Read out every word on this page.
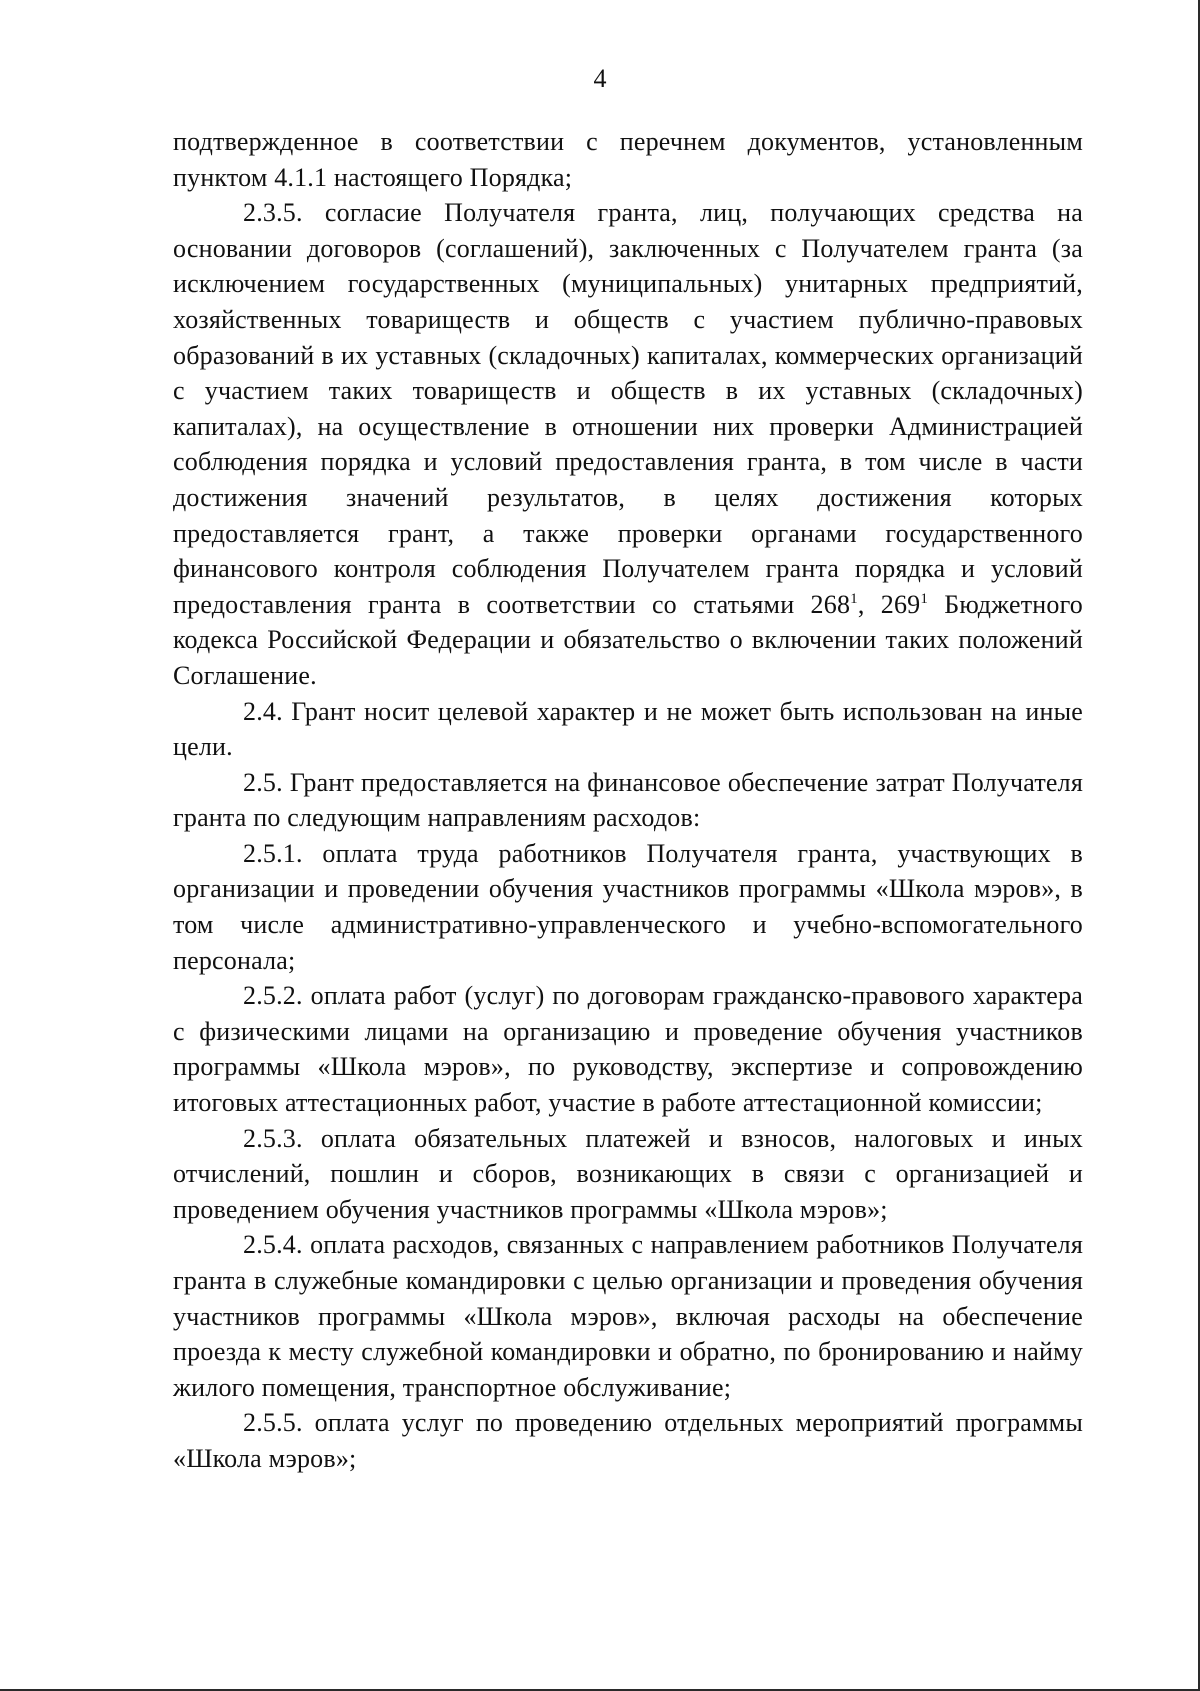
4

подтвержденное в соответствии с перечнем документов, установленным пунктом 4.1.1 настоящего Порядка;

2.3.5. согласие Получателя гранта, лиц, получающих средства на основании договоров (соглашений), заключенных с Получателем гранта (за исключением государственных (муниципальных) унитарных предприятий, хозяйственных товариществ и обществ с участием публично-правовых образований в их уставных (складочных) капиталах, коммерческих организаций с участием таких товариществ и обществ в их уставных (складочных) капиталах), на осуществление в отношении них проверки Администрацией соблюдения порядка и условий предоставления гранта, в том числе в части достижения значений результатов, в целях достижения которых предоставляется грант, а также проверки органами государственного финансового контроля соблюдения Получателем гранта порядка и условий предоставления гранта в соответствии со статьями $268^1$, $269^1$ Бюджетного кодекса Российской Федерации и обязательство о включении таких положений Соглашение.

2.4. Грант носит целевой характер и не может быть использован на иные цели.

2.5. Грант предоставляется на финансовое обеспечение затрат Получателя гранта по следующим направлениям расходов:

2.5.1. оплата труда работников Получателя гранта, участвующих в организации и проведении обучения участников программы «Школа мэров», в том числе административно-управленческого и учебно-вспомогательного персонала;

2.5.2. оплата работ (услуг) по договорам гражданско-правового характера с физическими лицами на организацию и проведение обучения участников программы «Школа мэров», по руководству, экспертизе и сопровождению итоговых аттестационных работ, участие в работе аттестационной комиссии;

2.5.3. оплата обязательных платежей и взносов, налоговых и иных отчислений, пошлин и сборов, возникающих в связи с организацией и проведением обучения участников программы «Школа мэров»;

2.5.4. оплата расходов, связанных с направлением работников Получателя гранта в служебные командировки с целью организации и проведения обучения участников программы «Школа мэров», включая расходы на обеспечение проезда к месту служебной командировки и обратно, по бронированию и найму жилого помещения, транспортное обслуживание;

2.5.5. оплата услуг по проведению отдельных мероприятий программы «Школа мэров»;
